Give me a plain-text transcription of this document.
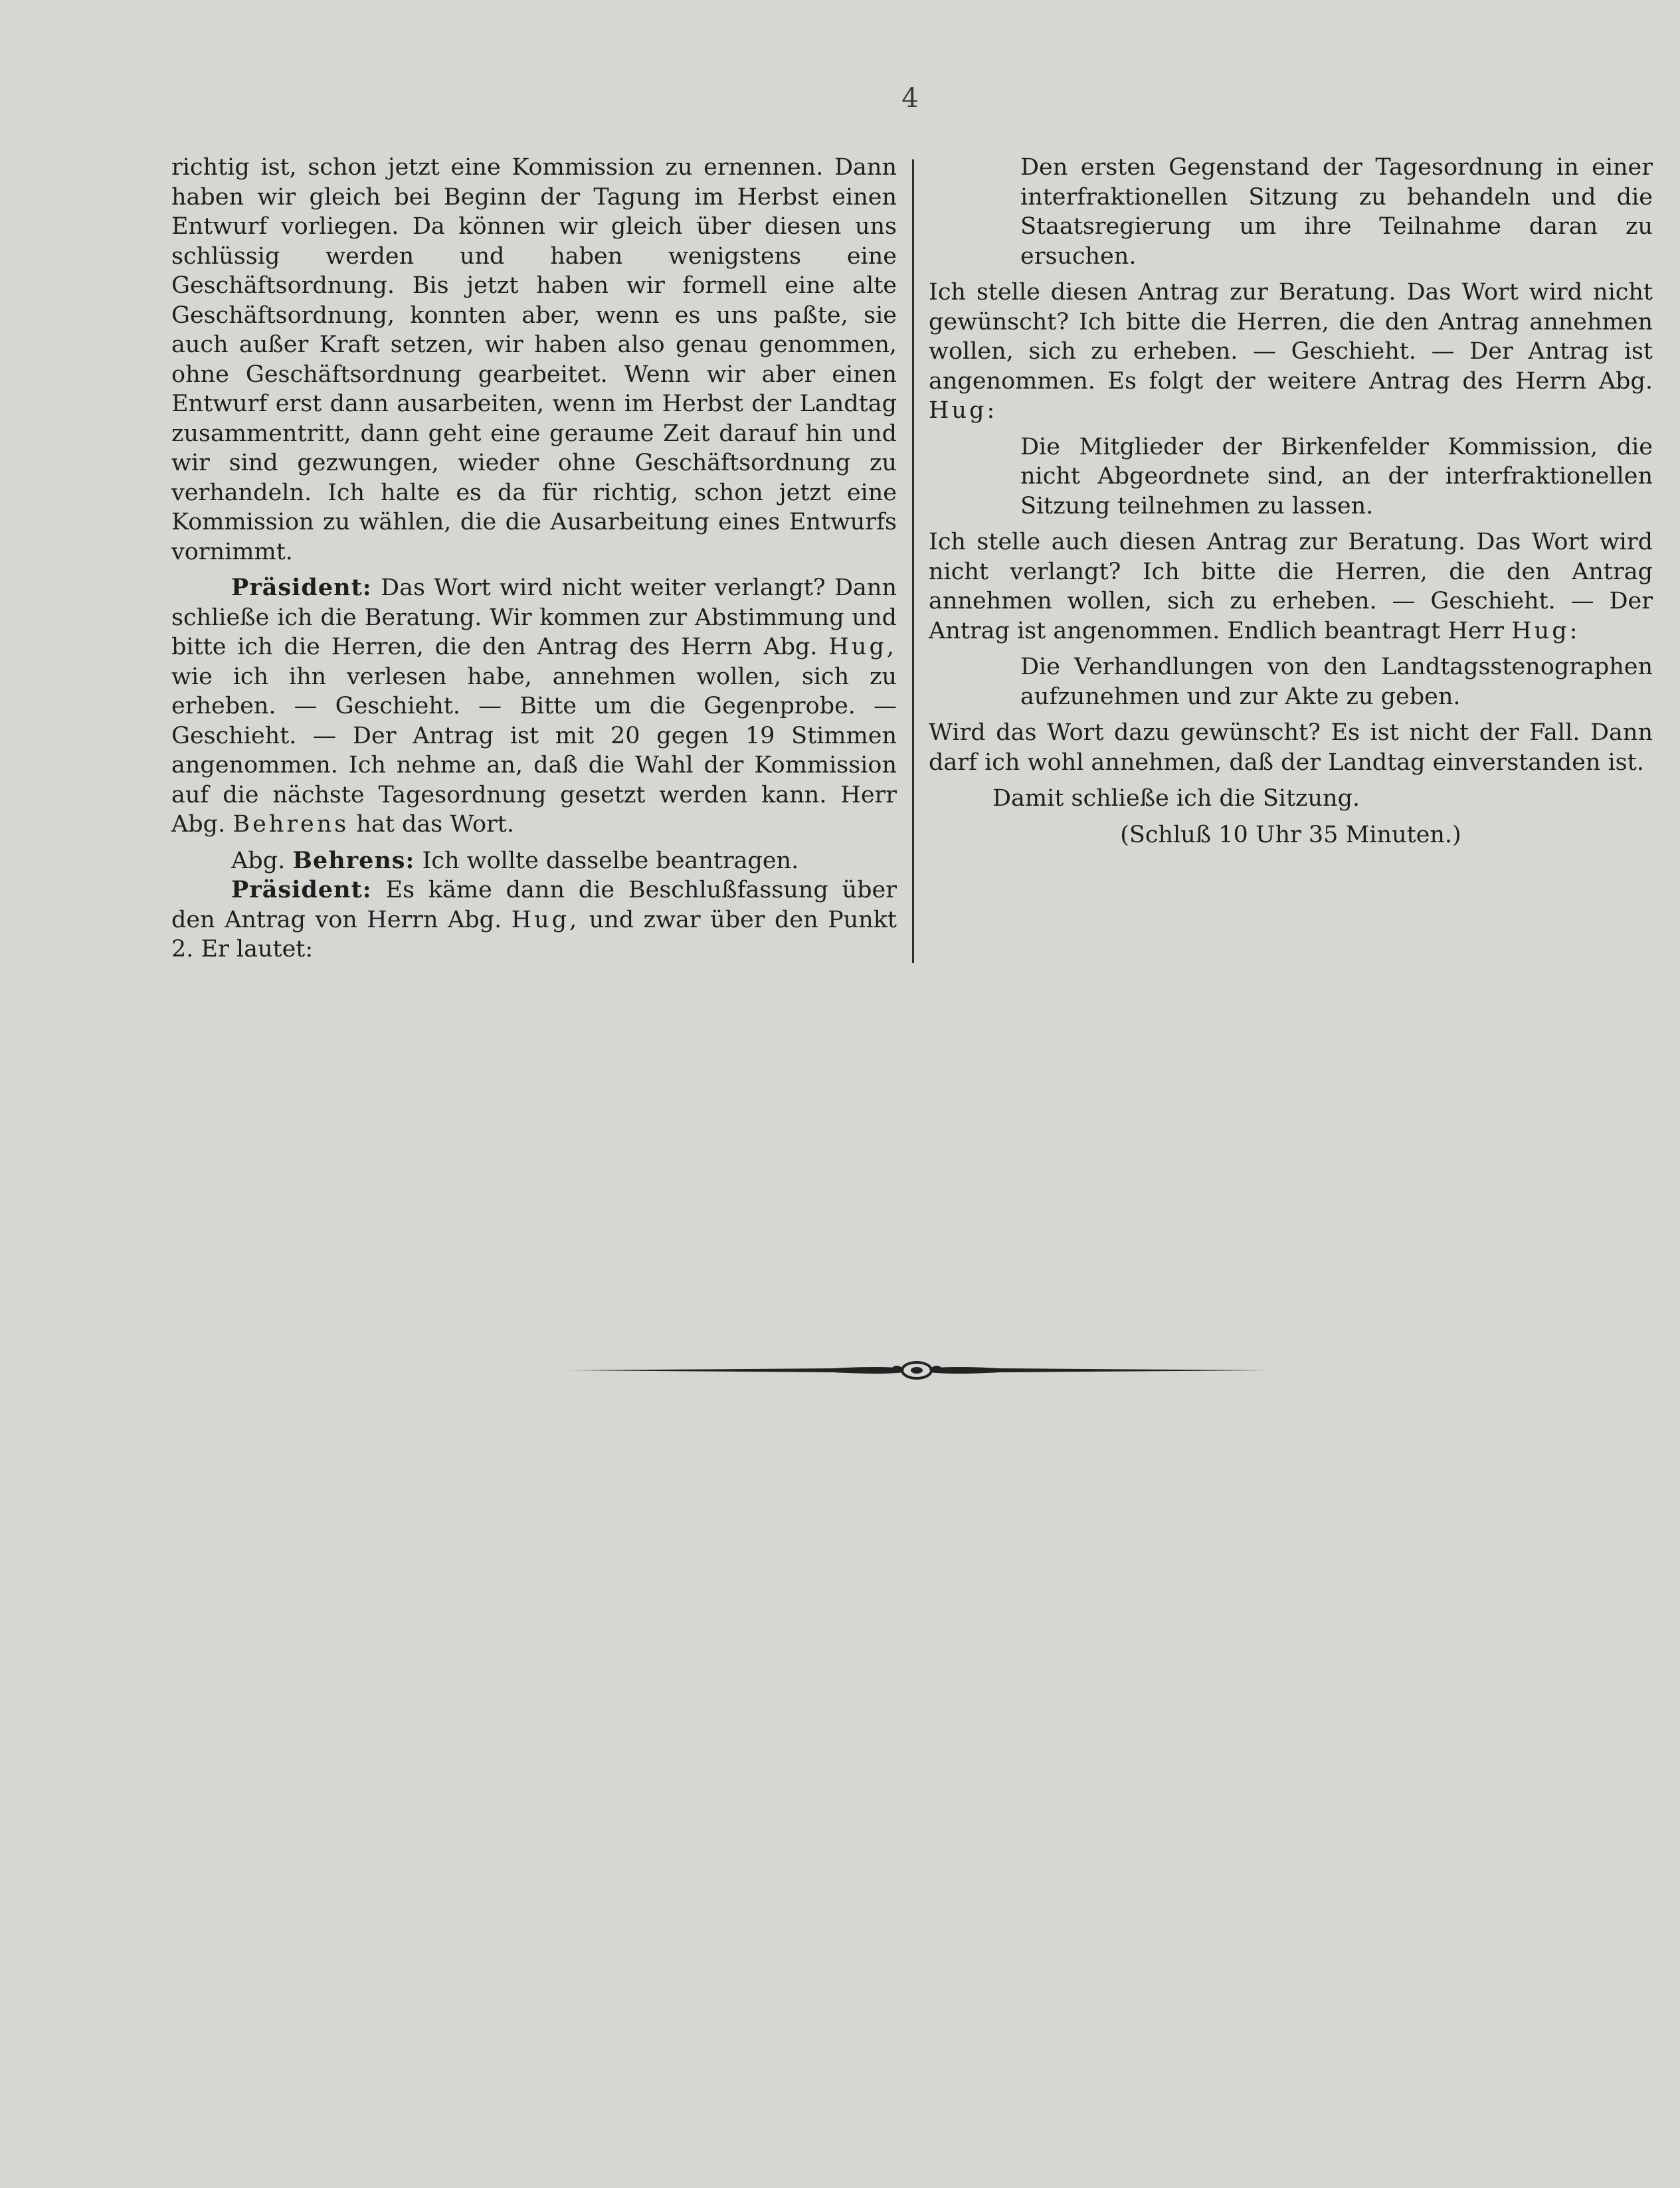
4

richtig ist, schon jetzt eine Kommission zu ernennen. Dann haben wir gleich bei Beginn der Tagung im Herbst einen Entwurf vorliegen. Da können wir gleich über diesen uns schlüssig werden und haben wenigstens eine Geschäftsordnung. Bis jetzt haben wir formell eine alte Geschäftsordnung, konnten aber, wenn es uns paßte, sie auch außer Kraft setzen, wir haben also genau genommen, ohne Geschäftsordnung gearbeitet. Wenn wir aber einen Entwurf erst dann ausarbeiten, wenn im Herbst der Landtag zusammentritt, dann geht eine geraume Zeit darauf hin und wir sind gezwungen, wieder ohne Geschäftsordnung zu verhandeln. Ich halte es da für richtig, schon jetzt eine Kommission zu wählen, die die Ausarbeitung eines Entwurfs vornimmt.

Präsident: Das Wort wird nicht weiter verlangt? Dann schließe ich die Beratung. Wir kommen zur Abstimmung und bitte ich die Herren, die den Antrag des Herrn Abg. Hug, wie ich ihn verlesen habe, annehmen wollen, sich zu erheben. — Geschieht. — Bitte um die Gegenprobe. — Geschieht. — Der Antrag ist mit 20 gegen 19 Stimmen angenommen. Ich nehme an, daß die Wahl der Kommission auf die nächste Tagesordnung gesetzt werden kann. Herr Abg. Behrens hat das Wort.

Abg. Behrens: Ich wollte dasselbe beantragen.

Präsident: Es käme dann die Beschlußfassung über den Antrag von Herrn Abg. Hug, und zwar über den Punkt 2. Er lautet:

Den ersten Gegenstand der Tagesordnung in einer interfraktionellen Sitzung zu behandeln und die Staatsregierung um ihre Teilnahme daran zu ersuchen.

Ich stelle diesen Antrag zur Beratung. Das Wort wird nicht gewünscht? Ich bitte die Herren, die den Antrag annehmen wollen, sich zu erheben. — Geschieht. — Der Antrag ist angenommen. Es folgt der weitere Antrag des Herrn Abg. Hug:

Die Mitglieder der Birkenfelder Kommission, die nicht Abgeordnete sind, an der interfraktionellen Sitzung teilnehmen zu lassen.

Ich stelle auch diesen Antrag zur Beratung. Das Wort wird nicht verlangt? Ich bitte die Herren, die den Antrag annehmen wollen, sich zu erheben. — Geschieht. — Der Antrag ist angenommen. Endlich beantragt Herr Hug:

Die Verhandlungen von den Landtagsstenographen aufzunehmen und zur Akte zu geben.

Wird das Wort dazu gewünscht? Es ist nicht der Fall. Dann darf ich wohl annehmen, daß der Landtag einverstanden ist.

Damit schließe ich die Sitzung.

(Schluß 10 Uhr 35 Minuten.)
